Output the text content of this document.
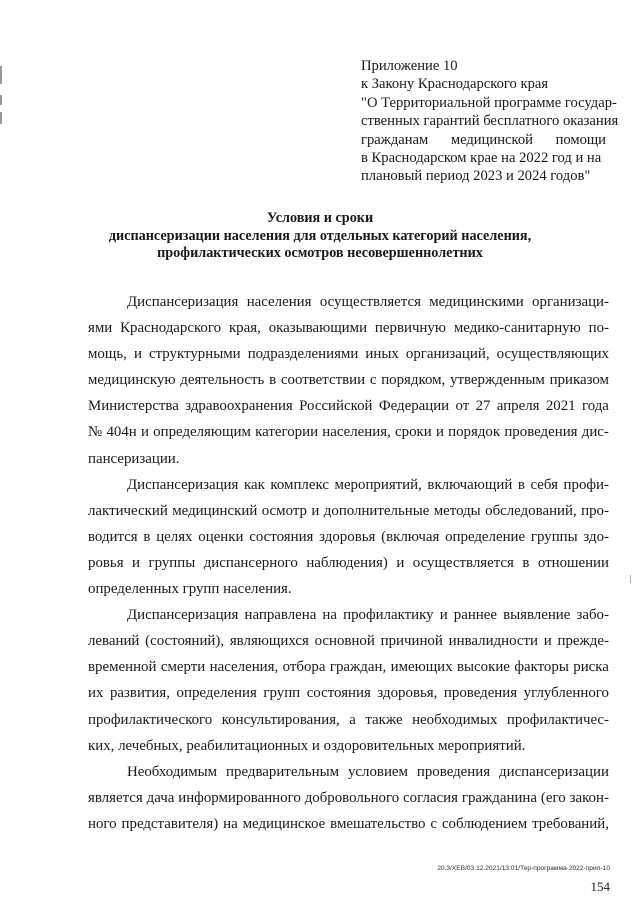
Приложение 10
к Закону Краснодарского края
"О Территориальной программе государ-
ственных гарантий бесплатного оказания
гражданам медицинской помощи
в Краснодарском крае на 2022 год и на
плановый период 2023 и 2024 годов"
Условия и сроки
диспансеризации населения для отдельных категорий населения,
профилактических осмотров несовершеннолетних
Диспансеризация населения осуществляется медицинскими организаци-
ями Краснодарского края, оказывающими первичную медико-санитарную по-
мощь, и структурными подразделениями иных организаций, осуществляющих
медицинскую деятельность в соответствии с порядком, утвержденным приказом
Министерства здравоохранения Российской Федерации от 27 апреля 2021 года
№ 404н и определяющим категории населения, сроки и порядок проведения дис-
пансеризации.
Диспансеризация как комплекс мероприятий, включающий в себя профи-
лактический медицинский осмотр и дополнительные методы обследований, про-
водится в целях оценки состояния здоровья (включая определение группы здо-
ровья и группы диспансерного наблюдения) и осуществляется в отношении
определенных групп населения.
Диспансеризация направлена на профилактику и раннее выявление забо-
леваний (состояний), являющихся основной причиной инвалидности и прежде-
временной смерти населения, отбора граждан, имеющих высокие факторы риска
их развития, определения групп состояния здоровья, проведения углубленного
профилактического консультирования, а также необходимых профилактичес-
ких, лечебных, реабилитационных и оздоровительных мероприятий.
Необходимым предварительным условием проведения диспансеризации
является дача информированного добровольного согласия гражданина (его закон-
ного представителя) на медицинское вмешательство с соблюдением требований,
20.3/XEB/03.12.2021/13:01/Тер-программа-2022-прил-10
154
